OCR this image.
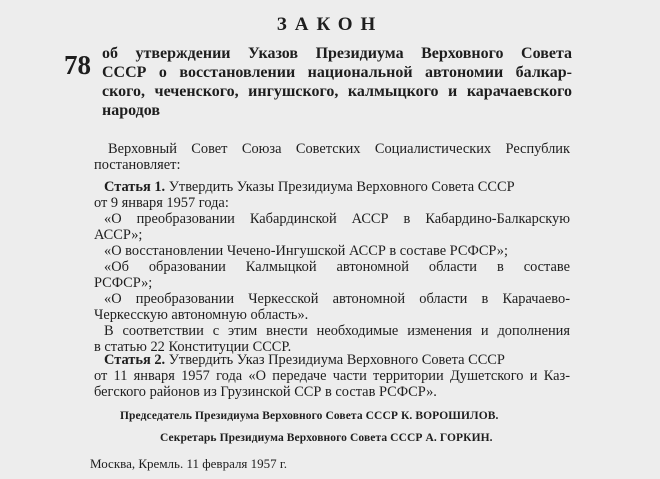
ЗАКОН
78 об утверждении Указов Президиума Верховного Совета
СССР о восстановлении национальной автономии балкар-
ского, чеченского, ингушского, калмыцкого и карачаевского
народов
Верховный Совет Союза Советских Социалистических Республик
постановляет:
Статья 1. Утвердить Указы Президиума Верховного Совета СССР
от 9 января 1957 года:
«О преобразовании Кабардинской АССР в Кабардино-Балкарскую
АССР»;
«О восстановлении Чечено-Ингушской АССР в составе РСФСР»;
«Об образовании Калмыцкой автономной области в составе
РСФСР»;
«О преобразовании Черкесской автономной области в Карачаево-
Черкесскую автономную область».
В соответствии с этим внести необходимые изменения и дополнения
в статью 22 Конституции СССР.
Статья 2. Утвердить Указ Президиума Верховного Совета СССР
от 11 января 1957 года «О передаче части территории Душетского и Каз-
бегского районов из Грузинской ССР в состав РСФСР».
Председатель Президиума Верховного Совета СССР К. ВОРОШИЛОВ.
Секретарь Президиума Верховного Совета СССР А. ГОРКИН.
Москва, Кремль. 11 февраля 1957 г.
